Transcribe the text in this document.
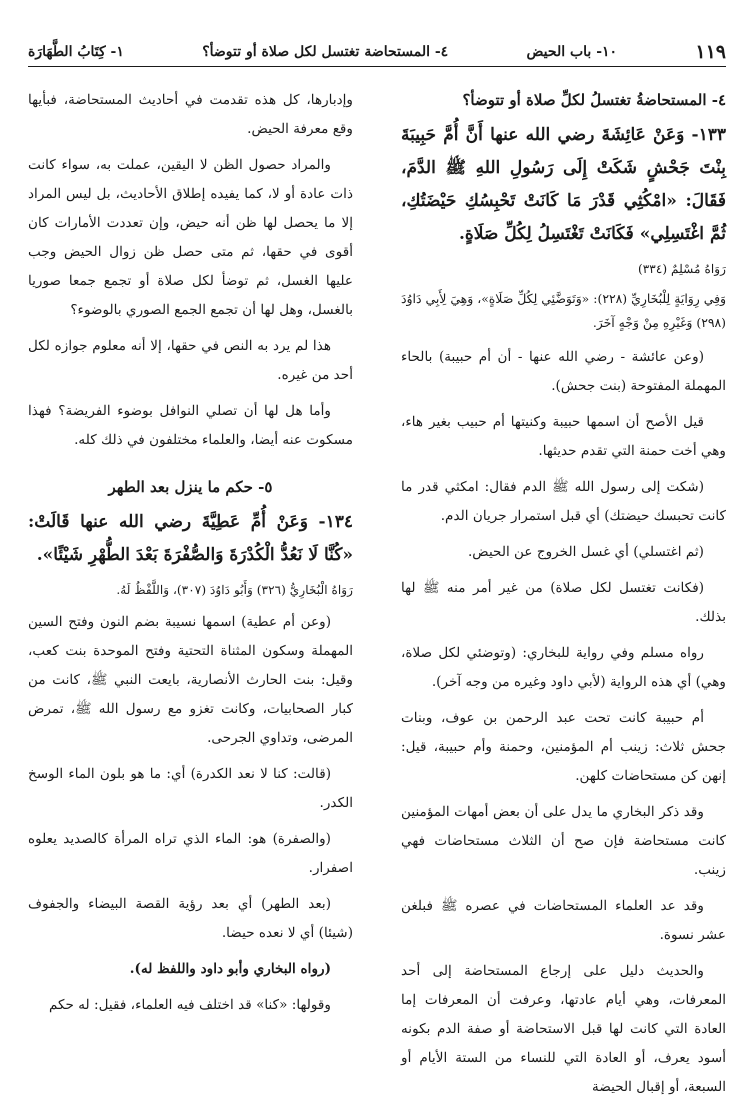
١١٩
١٠- باب الحيض
٤- المستحاضة تغتسل لكل صلاة أو تتوضأ؟
١- كِتَابُ الطَّهَارَة

٤- المستحاضةُ تغتسلُ لكلِّ صلاة أو تتوضأ؟

١٣٣- وَعَنْ عَائِشَةَ رضي الله عنها أَنَّ أُمَّ حَبِيبَةَ بِنْتَ جَحْشٍ شَكَتْ إِلَى رَسُولِ اللهِ ﷺ الدَّمَ، فَقَالَ: «امْكُثِي قَدْرَ مَا كَانَتْ تَحْبِسُكِ حَيْضَتُكِ، ثُمَّ اغْتَسِلِي» فَكَانَتْ تَغْتَسِلُ لِكُلِّ صَلَاةٍ.

رَوَاهُ مُسْلِمٌ (٣٣٤)

وَفِي رِوَايَةٍ لِلْبُخَارِيِّ (٢٢٨): «وَتَوَضَّئِي لِكُلِّ صَلَاةٍ»، وَهِيَ لِأَبِي دَاوُدَ (٢٩٨) وَغَيْرِهِ مِنْ وَجْهٍ آخَرَ.

(وعن عائشة - رضي الله عنها - أن أم حبيبة) بالحاء المهملة المفتوحة (بنت جحش).

قيل الأصح أن اسمها حبيبة وكنيتها أم حبيب بغير هاء، وهي أخت حمنة التي تقدم حديثها.

(شكت إلى رسول الله ﷺ الدم فقال: امكثي قدر ما كانت تحبسك حيضتك) أي قبل استمرار جريان الدم.

(ثم اغتسلي) أي غسل الخروج عن الحيض.

(فكانت تغتسل لكل صلاة) من غير أمر منه ﷺ لها بذلك.

رواه مسلم وفي رواية للبخاري: (وتوضئي لكل صلاة، وهي) أي هذه الرواية (لأبي داود وغيره من وجه آخر).

أم حبيبة كانت تحت عبد الرحمن بن عوف، وبنات جحش ثلاث: زينب أم المؤمنين، وحمنة وأم حبيبة، قيل: إنهن كن مستحاضات كلهن.

وقد ذكر البخاري ما يدل على أن بعض أمهات المؤمنين كانت مستحاضة فإن صح أن الثلاث مستحاضات فهي زينب.

وقد عد العلماء المستحاضات في عصره ﷺ فبلغن عشر نسوة.

والحديث دليل على إرجاع المستحاضة إلى أحد المعرفات، وهي أيام عادتها، وعرفت أن المعرفات إما العادة التي كانت لها قبل الاستحاضة أو صفة الدم بكونه أسود يعرف، أو العادة التي للنساء من الستة الأيام أو السبعة، أو إقبال الحيضة

وإدبارها، كل هذه تقدمت في أحاديث المستحاضة، فبأيها وقع معرفة الحيض.

والمراد حصول الظن لا اليقين، عملت به، سواء كانت ذات عادة أو لا، كما يفيده إطلاق الأحاديث، بل ليس المراد إلا ما يحصل لها ظن أنه حيض، وإن تعددت الأمارات كان أقوى في حقها، ثم متى حصل ظن زوال الحيض وجب عليها الغسل، ثم توضأ لكل صلاة أو تجمع جمعا صوريا بالغسل، وهل لها أن تجمع الجمع الصوري بالوضوء؟

هذا لم يرد به النص في حقها، إلا أنه معلوم جوازه لكل أحد من غيره.

وأما هل لها أن تصلي النوافل بوضوء الفريضة؟ فهذا مسكوت عنه أيضا، والعلماء مختلفون في ذلك كله.

٥- حكم ما ينزل بعد الطهر

١٣٤- وَعَنْ أُمِّ عَطِيَّةَ رضي الله عنها قَالَتْ: «كُنَّا لَا نَعُدُّ الْكُدْرَةَ وَالصُّفْرَةَ بَعْدَ الطُّهْرِ شَيْئًا».

رَوَاهُ الْبُخَارِيُّ (٣٢٦) وَأَبُو دَاوُدَ (٣٠٧)، وَاللَّفْظُ لَهُ.

(وعن أم عطية) اسمها نسيبة بضم النون وفتح السين المهملة وسكون المثناة التحتية وفتح الموحدة بنت كعب، وقيل: بنت الحارث الأنصارية، بايعت النبي ﷺ، كانت من كبار الصحابيات، وكانت تغزو مع رسول الله ﷺ، تمرض المرضى، وتداوي الجرحى.

(قالت: كنا لا نعد الكدرة) أي: ما هو بلون الماء الوسخ الكدر.

(والصفرة) هو: الماء الذي تراه المرأة كالصديد يعلوه اصفرار.

(بعد الطهر) أي بعد رؤية القصة البيضاء والجفوف (شيئا) أي لا نعده حيضا.

(رواه البخاري وأبو داود واللفظ له).

وقولها: «كنا» قد اختلف فيه العلماء، فقيل: له حكم
